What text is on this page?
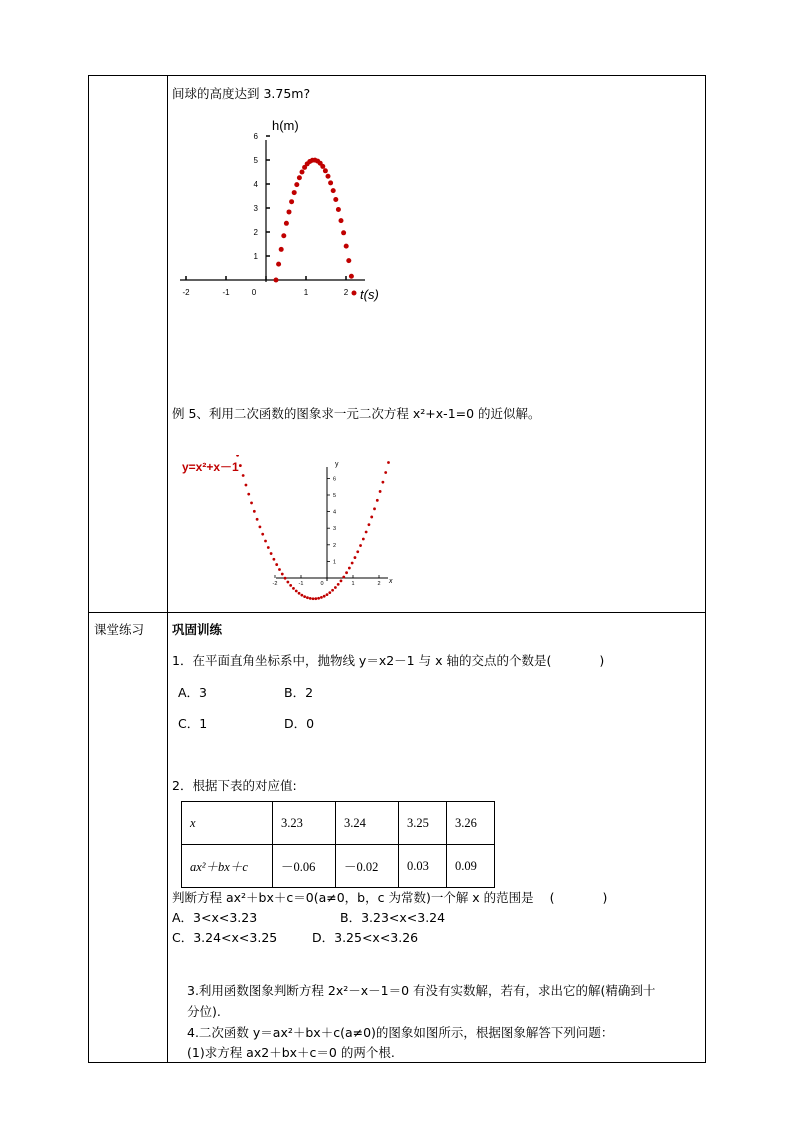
间球的高度达到 3.75m?
h(m)
t(s)
1
2
3
4
5
6
-2	-1	0	1	2
例 5、利用二次函数的图象求一元二次方程 x²+x-1=0 的近似解。
y=x²+x－1	y
x
1
2
3
4
5
6
-2	-1	0	1	2
课堂练习 巩固训练
1．在平面直角坐标系中，抛物线 y＝x2－1 与 x 轴的交点的个数是(	)
A．3	B．2
C．1	D．0
2．根据下表的对应值:
x	3.23	3.24	3.25	3.26
ax²＋bx＋c	－0.06	－0.02	0.03	0.09
判断方程 ax²＋bx＋c＝0(a≠0，b，c 为常数)一个解 x 的范围是 (	)
A．3<x<3.23	B．3.23<x<3.24
C．3.24<x<3.25	D．3.25<x<3.26
3.利用函数图象判断方程 2x²－x－1＝0 有没有实数解，若有，求出它的解(精确到十
分位).
4.二次函数 y＝ax²＋bx＋c(a≠0)的图象如图所示，根据图象解答下列问题：
(1)求方程 ax2＋bx＋c＝0 的两个根.
